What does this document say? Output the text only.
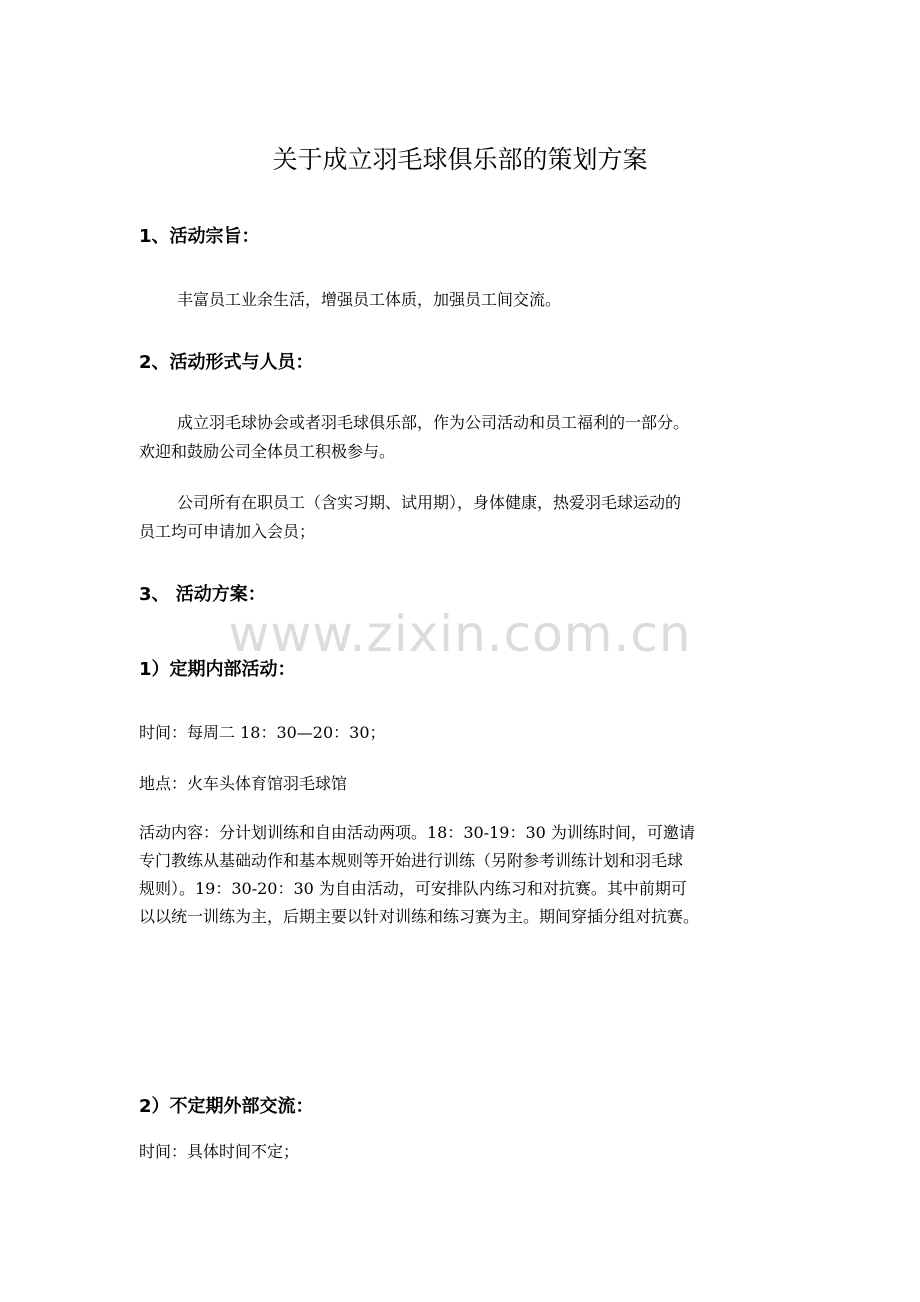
关于成立羽毛球俱乐部的策划方案
1、活动宗旨：
丰富员工业余生活，增强员工体质，加强员工间交流。
2、活动形式与人员：
成立羽毛球协会或者羽毛球俱乐部，作为公司活动和员工福利的一部分。
欢迎和鼓励公司全体员工积极参与。
公司所有在职员工（含实习期、试用期），身体健康，热爱羽毛球运动的
员工均可申请加入会员；
3、 活动方案：
www.zixin.com.cn
1）定期内部活动：
时间：每周二 18：30—20：30；
地点：火车头体育馆羽毛球馆
活动内容：分计划训练和自由活动两项。18：30-19：30 为训练时间，可邀请
专门教练从基础动作和基本规则等开始进行训练（另附参考训练计划和羽毛球
规则）。19：30-20：30 为自由活动，可安排队内练习和对抗赛。其中前期可
以以统一训练为主，后期主要以针对训练和练习赛为主。期间穿插分组对抗赛。
2）不定期外部交流：
时间：具体时间不定；
